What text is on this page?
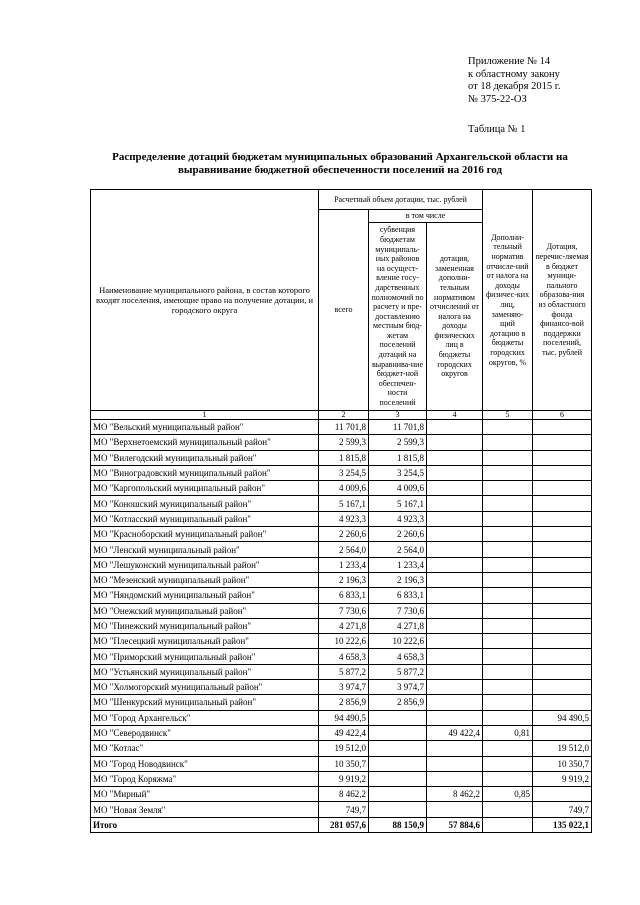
Приложение № 14
к областному закону
от 18 декабря 2015 г.
№ 375-22-ОЗ
Таблица № 1
Распределение дотаций бюджетам муниципальных образований Архангельской области на
выравнивание бюджетной обеспеченности поселений на 2016 год
Наименование муниципального района, в состав которого входят поселения, имеющие право на получение дотации, и городского округа	Расчетный объем дотации, тыс. рублей			Дополни-тельный норматив отчисле-ний от налога на доходы физичес-ких лиц, заменяю-щий дотацию в бюджеты городских округов, %	Дотация, перечис-ляемая в бюджет муници-пального образова-ния из областного фонда финансо-вой поддержки поселений, тыс. рублей
	всего	в том числе			
		субвенция бюджетам муниципаль-ных районов на осущест-вление госу-дарственных полномочий по расчету и пре-доставлению местным бюд-жетам поселений дотаций на выравнива-ние бюджет-ной обеспечен-ности поселений	дотация, замененная дополни-тельным нормативом отчислений от налога на доходы физических лиц в бюджеты городских округов		
1	2	3	4	5	6
МО "Вельский муниципальный район"	11 701,8	11 701,8			
МО "Верхнетоемский муниципальный район"	2 599,3	2 599,3			
МО "Вилегодский муниципальный район"	1 815,8	1 815,8			
МО "Виноградовский муниципальный район"	3 254,5	3 254,5			
МО "Каргопольский муниципальный район"	4 009,6	4 009,6			
МО "Коношский муниципальный район"	5 167,1	5 167,1			
МО "Котласский муниципальный район"	4 923,3	4 923,3			
МО "Красноборский муниципальный район"	2 260,6	2 260,6			
МО "Ленский муниципальный район"	2 564,0	2 564,0			
МО "Лешуконский муниципальный район"	1 233,4	1 233,4			
МО "Мезенский муниципальный район"	2 196,3	2 196,3			
МО "Няндомский муниципальный район"	6 833,1	6 833,1			
МО "Онежский муниципальный район"	7 730,6	7 730,6			
МО "Пинежский муниципальный район"	4 271,8	4 271,8			
МО "Плесецкий муниципальный район"	10 222,6	10 222,6			
МО "Приморский муниципальный район"	4 658,3	4 658,3			
МО "Устьянский муниципальный район"	5 877,2	5 877,2			
МО "Холмогорский муниципальный район"	3 974,7	3 974,7			
МО "Шенкурский муниципальный район"	2 856,9	2 856,9			
МО "Город Архангельск"	94 490,5				94 490,5
МО "Северодвинск"	49 422,4		49 422,4	0,81	
МО "Котлас"	19 512,0				19 512,0
МО "Город Новодвинск"	10 350,7				10 350,7
МО "Город Коряжма"	9 919,2				9 919,2
МО "Мирный"	8 462,2		8 462,2	0,85	
МО "Новая Земля"	749,7				749,7
Итого	281 057,6	88 150,9	57 884,6		135 022,1
